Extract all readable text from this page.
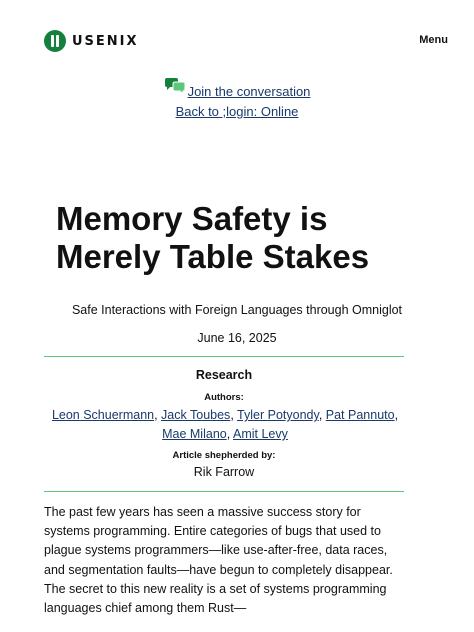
USENIX	Menu
Join the conversation
Back to ;login: Online
Memory Safety is Merely Table Stakes
Safe Interactions with Foreign Languages through Omniglot
June 16, 2025
Research
Authors:
Leon Schuermann, Jack Toubes, Tyler Potyondy, Pat Pannuto, Mae Milano, Amit Levy
Article shepherded by:
Rik Farrow

The past few years has seen a massive success story for systems programming. Entire categories of bugs that used to plague systems programmers—like use-after-free, data races, and segmentation faults—have begun to completely disappear. The secret to this new reality is a set of systems programming languages chief among them Rust—
